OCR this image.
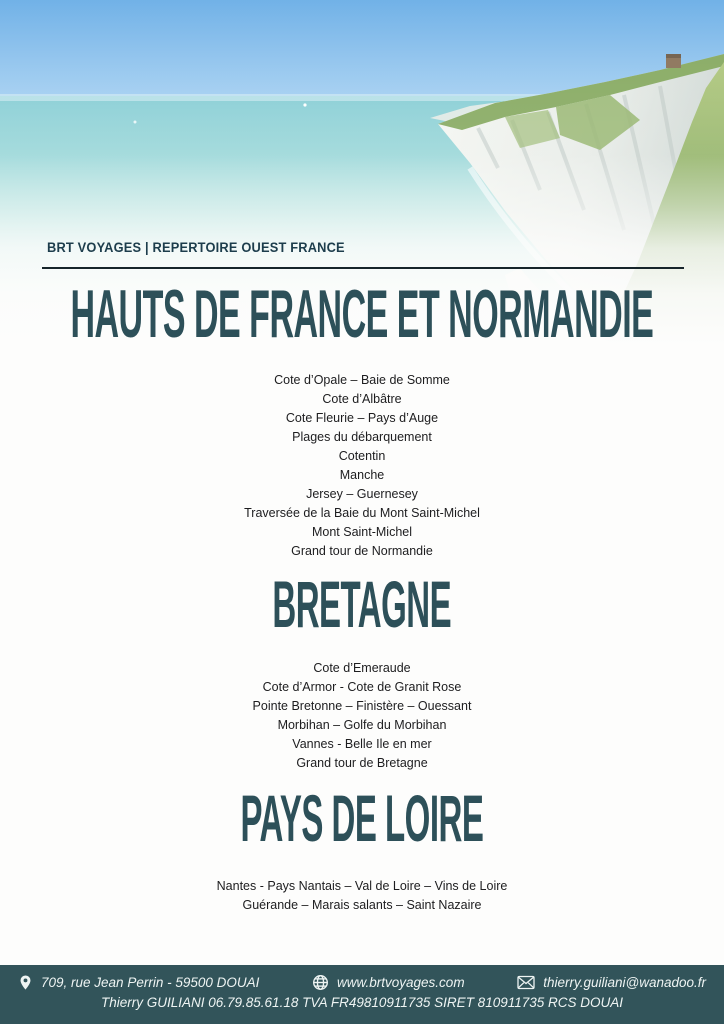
BRT VOYAGES | REPERTOIRE OUEST FRANCE
HAUTS DE FRANCE ET NORMANDIE
Cote d’Opale – Baie de Somme
Cote d’Albâtre
Cote Fleurie – Pays d’Auge
Plages du débarquement
Cotentin
Manche
Jersey – Guernesey
Traversée de la Baie du Mont Saint-Michel
Mont Saint-Michel
Grand tour de Normandie
BRETAGNE
Cote d’Emeraude
Cote d’Armor - Cote de Granit Rose
Pointe Bretonne – Finistère – Ouessant
Morbihan – Golfe du Morbihan
Vannes - Belle Ile en mer
Grand tour de Bretagne
PAYS DE LOIRE
Nantes - Pays Nantais – Val de Loire – Vins de Loire
Guérande – Marais salants – Saint Nazaire
709, rue Jean Perrin - 59500 DOUAI	www.brtvoyages.com	thierry.guiliani@wanadoo.fr
Thierry GUILIANI 06.79.85.61.18 TVA FR49810911735 SIRET 810911735 RCS DOUAI
